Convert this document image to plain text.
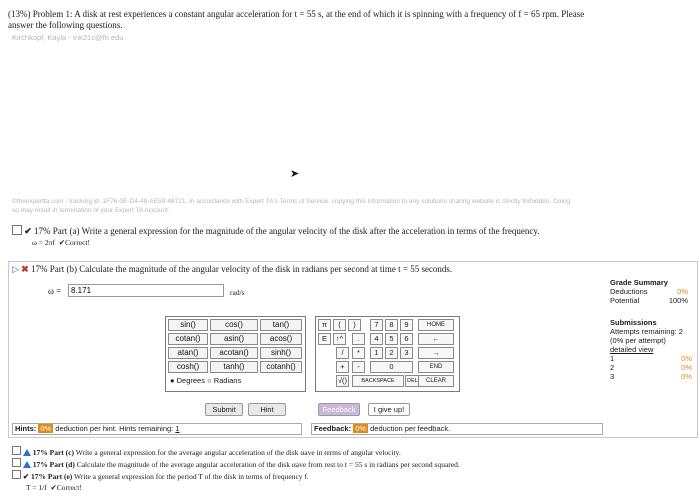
(13%) Problem 1: A disk at rest experiences a constant angular acceleration for t = 55 s, at the end of which it is spinning with a frequency of f = 65 rpm. Please
answer the following questions.
Kirchkopf, Kayla - Ink21c@fn.edu
➤
©theexpertta.com - tracking id: 1F76-0E-D4-48-AE59-48721. In accordance with Expert TA's Terms of Service, copying this information to any solutions sharing website is strictly forbidden. Doing
so may result in termination of your Expert TA Account.
✔ 17% Part (a) Write a general expression for the magnitude of the angular velocity of the disk after the acceleration in terms of the frequency.
ω = 2πf ✔Correct!
▷ ✖ 17% Part (b) Calculate the magnitude of the angular velocity of the disk in radians per second at time t = 55 seconds.
ω =
8.171	rad/s
sin()	cos()	tan()
cotan()	asin()	acos()
atan()	acotan()	sinh()
cosh()	tanh()	cotanh()
● Degrees ○ Radians
π	(	)
E	↑^
/	*
+	-
√()
7	8	9
4	5	6
1	2	3
0
.
HOME
←
→
END
BACKSPACE	DEL	CLEAR
Submit	Hint	Feedback	I give up!
Hints: 0% deduction per hint. Hints remaining: 1	Feedback: 0% deduction per feedback.
Grade Summary
Deductions	0%

Potential	100%
Submissions
Attempts remaining: 2
(0% per attempt)
detailed view

1	0%
2	0%
3	0%
17% Part (c) Write a general expression for the average angular acceleration of the disk αave in terms of angular velocity.
17% Part (d) Calculate the magnitude of the average angular acceleration of the disk αave from rest to t = 55 s in radians per second squared.
✔ 17% Part (e) Write a general expression for the period T of the disk in terms of frequency f.
T = 1/f ✔Correct!
